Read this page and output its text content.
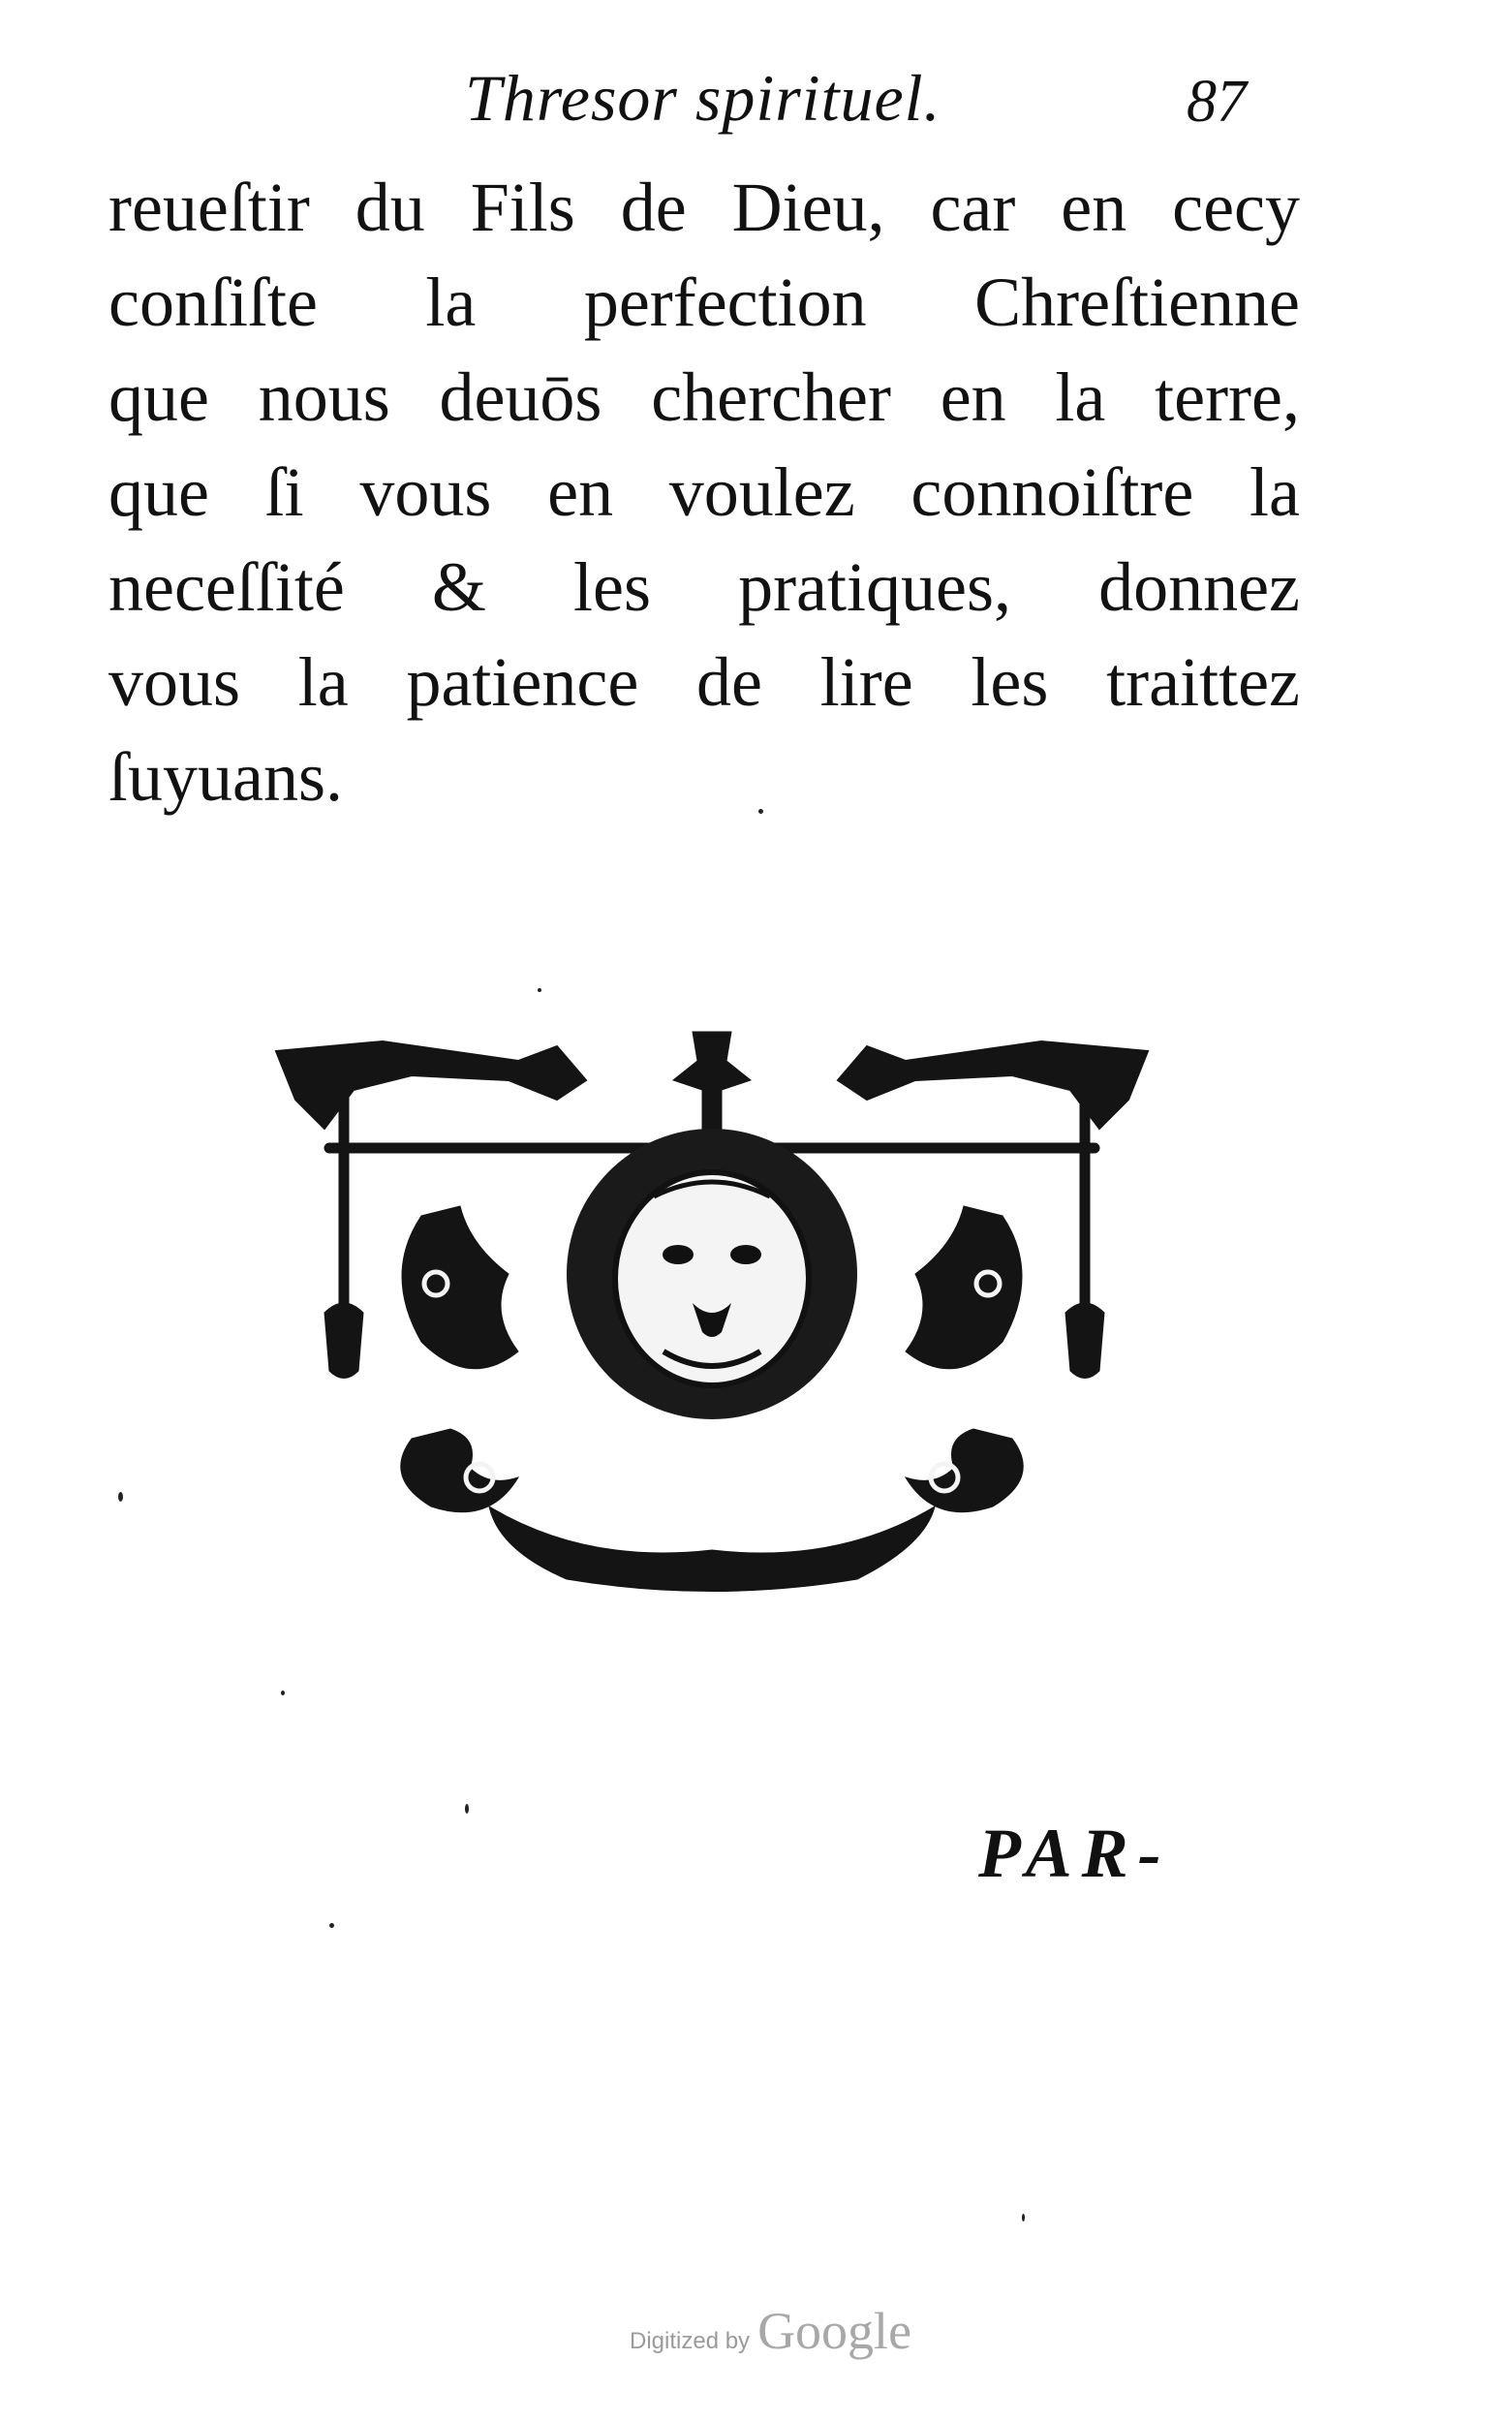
Thresor spirituel.	87
reueſtir du Fils de Dieu, car en cecy
conſiſte la perfection Chreſtienne
que nous deuōs chercher en la terre,
que ſi vous en voulez connoiſtre la
neceſſité & les pratiques, donnez
vous la patience de lire les traittez
ſuyuans.
PAR-
Digitized by Google
